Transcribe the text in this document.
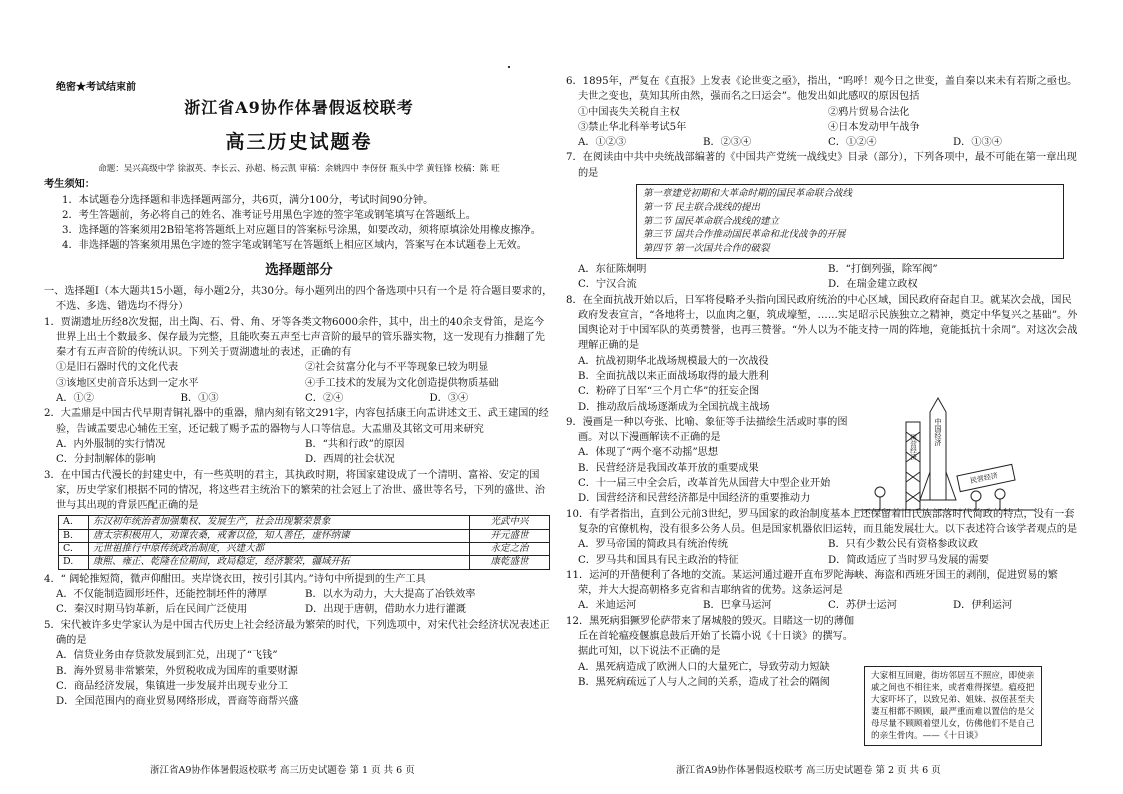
绝密★考试结束前
浙江省A9协作体暑假返校联考
高三历史试题卷
命题：吴兴高级中学 徐淑英、李长云、孙超、杨云凯 审稿：余姚四中 李伢伢 瓶头中学 黄钰锋 校稿：陈 旺
考生须知：
1．本试题卷分选择题和非选择题两部分，共6页，满分100分，考试时间90分钟。
2．考生答题前，务必将自己的姓名、准考证号用黑色字迹的签字笔或钢笔填写在答题纸上。
3．选择题的答案须用2B铅笔将答题纸上对应题目的答案标号涂黑，如要改动，须将原填涂处用橡皮擦净。
4．非选择题的答案须用黑色字迹的签字笔或钢笔写在答题纸上相应区域内，答案写在本试题卷上无效。
选择题部分
一、选择题Ⅰ（本大题共15小题，每小题2分，共30分。每小题列出的四个备选项中只有一个是 符合题目要求的，不选、多选、错选均不得分）
1．贾湖遗址历经8次发掘，出土陶、石、骨、角、牙等各类文物6000余件，其中，出土的40余支骨笛，是迄今世界上出土个数最多、保存最为完整，且能吹奏五声至七声音阶的最早的管乐器实物，这一发现有力推翻了先秦才有五声音阶的传统认识。下列关于贾湖遗址的表述，正确的有
①是旧石器时代的文化代表	②社会贫富分化与不平等现象已较为明显
③该地区史前音乐达到一定水平	④手工技术的发展为文化创造提供物质基础
A．①②	B．①③	C．②④	D．③④
2．大盂鼎是中国古代早期青铜礼器中的重器，鼎内刻有铭文291字，内容包括康王向盂讲述文王、武王建国的经验，告诫盂要忠心辅佐王室，还记载了赐予盂的器物与人口等信息。大盂鼎及其铭文可用来研究
A．内外服制的实行情况	B．“共和行政”的原因
C．分封制解体的影响	D．西周的社会状况
3．在中国古代漫长的封建史中，有一些英明的君主，其执政时期，将国家建设成了一个清明、富裕、安定的国家，历史学家们根据不同的情况，将这些君主统治下的繁荣的社会冠上了治世、盛世等名号，下列的盛世、治世与其出现的背景匹配正确的是
A.	东汉初年统治者加强集权、发展生产，社会出现繁荣景象	光武中兴
B.	唐太宗积极用人，劝课农桑，戒奢以俭，知人善任，虚怀纳谏	开元盛世
C.	元世祖推行中原传统政治制度，兴建大都	永定之治
D.	康熙、雍正、乾隆在位期间，政局稳定，经济繁荣，疆域开拓	康乾盛世
4．“ 阔轮推短简，微声仰酣田。夹岸饶衣田，按引引其内。”诗句中所提到的生产工具
A．不仅能制造圆形坯件，还能控制坯件的薄厚	B．以水为动力，大大提高了冶铁效率
C．秦汉时期马钧革新，后在民间广泛使用	D．出现于唐朝，借助水力进行灌溉
5．宋代被许多史学家认为是中国古代历史上社会经济最为繁荣的时代，下列选项中，对宋代社会经济状况表述正确的是
A．信贷业务由存贷款发展到汇兑，出现了“飞钱”
B．海外贸易非常繁荣，外贸税收成为国库的重要财源
C．商品经济发展，集镇进一步发展并出现专业分工
D．全国范围内的商业贸易网络形成，晋商等商帮兴盛
6．1895年，严复在《直报》上发表《论世变之亟》，指出，“呜呼！观今日之世变，盖自秦以来未有若斯之亟也。夫世之变也，莫知其所由然，强而名之曰运会”。他发出如此感叹的原因包括
①中国丧失关税自主权	②鸦片贸易合法化
③禁止华北科举考试5年	④日本发动甲午战争
A．①②③	B．②③④	C．①②④	D．①③④
7．在阅读由中共中央统战部编著的《中国共产党统一战线史》目录（部分），下列各项中，最不可能在第一章出现的是
第一章建党初期和大革命时期的国民革命联合战线
第一节 民主联合战线的提出
第二节 国民革命联合战线的建立
第三节 国共合作推动国民革命和北伐战争的开展
第四节 第一次国共合作的破裂
A．东征陈炯明	B．“打倒列强，除军阀”
C．宁汉合流	D．在瑞金建立政权
8．在全面抗战开始以后，日军将侵略矛头指向国民政府统治的中心区域，国民政府奋起自卫。就某次会战，国民政府发表宣言，“各地将士，以血肉之躯，筑成壕堑，……实足昭示民族独立之精神，奠定中华复兴之基础”。外国舆论对于中国军队的英勇赞誉，也再三赞誉。“外人以为不能支持一周的阵地，竟能抵抗十余周”。对这次会战理解正确的是
A．抗战初期华北战场规模最大的一次战役
B．全面抗战以来正面战场取得的最大胜利
C．粉碎了日军“三个月亡华”的狂妄企图
D．推动敌后战场逐渐成为全国抗战主战场
9．漫画是一种以夸张、比喻、象征等手法描绘生活或时事的图画。对以下漫画解读不正确的是
A．体现了“两个毫不动摇”思想
B．民营经济是我国改革开放的重要成果
C．十一届三中全会后，改革首先从国营大中型企业开始
D．国营经济和民营经济都是中国经济的重要推动力
10．有学者指出，直到公元前3世纪，罗马国家的政治制度基本上还保留着旧氏族部落时代简政的特点，没有一套复杂的官僚机构，没有很多公务人员。但是国家机器依旧运转，而且能发展壮大。以下表述符合该学者观点的是
A．罗马帝国的简政具有统治传统	B．只有少数公民有资格参政议政
C．罗马共和国具有民主政治的特征	D．简政适应了当时罗马发展的需要
11．运河的开凿便利了各地的交流。某运河通过避开直布罗陀海峡、海盗和西班牙国王的剥削，促进贸易的繁荣，并大大提高朝格多克省和吉耶纳省的优势。这条运河是
A．米迪运河	B．巴拿马运河	C．苏伊士运河	D．伊利运河
12．黑死病猖獗罗伦萨带来了屠城般的毁灭。目睹这一切的薄伽丘在首轮瘟疫偃旗息鼓后开始了长篇小说《十日谈》的撰写。据此可知，以下说法不正确的是
A．黑死病造成了欧洲人口的大量死亡，导致劳动力短缺
B．黑死病疏远了人与人之间的关系，造成了社会的隔阂
中国经济
国营经济
民营经济
大家相互回避，街坊邻居互不照应，即使亲戚之间也不相往来，或者难得探望。瘟疫把大家吓坏了，以致兄弟、姐妹、叔侄甚至夫妻互相都不顾顾，最严重而难以置信的是父母尽量不顾顾着望儿女，仿佛他们不是自己的亲生骨肉。——《十日谈》
浙江省A9协作体暑假返校联考 高三历史试题卷 第 1 页 共 6 页	浙江省A9协作体暑假返校联考 高三历史试题卷 第 2 页 共 6 页
